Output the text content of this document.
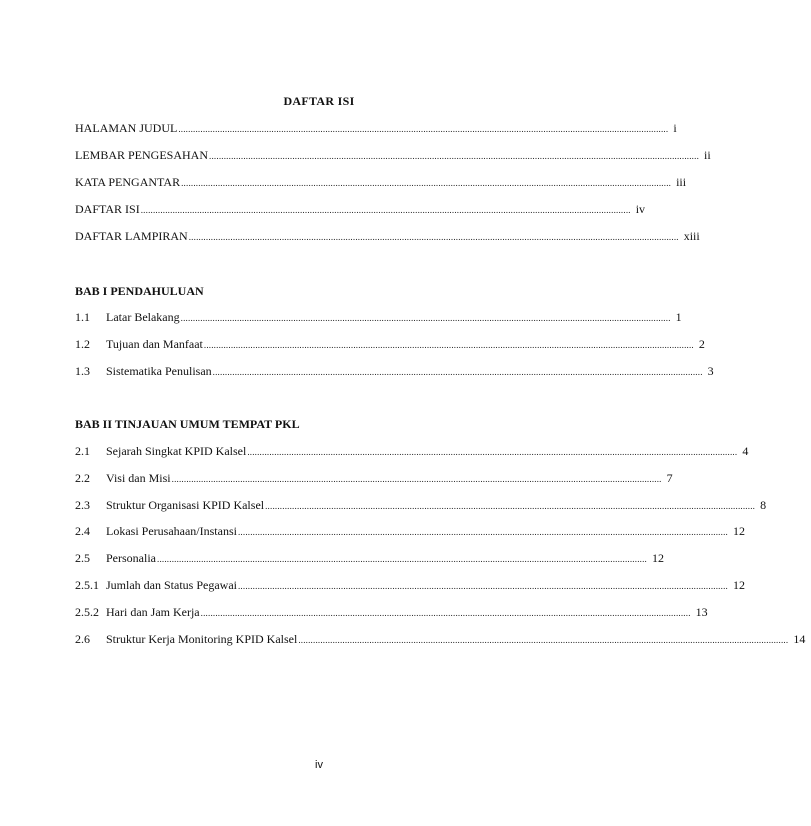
DAFTAR ISI
HALAMAN JUDUL ........................................................................................................................................................................................................ i
LEMBAR PENGESAHAN ........................................................................................................................................................................................................ ii
KATA PENGANTAR ........................................................................................................................................................................................................ iii
DAFTAR ISI ........................................................................................................................................................................................................ iv
DAFTAR LAMPIRAN ........................................................................................................................................................................................................ xiii
BAB I PENDAHULUAN
1.1	Latar Belakang ........................................................................................................................................................................................................ 1
1.2	Tujuan dan Manfaat ........................................................................................................................................................................................................ 2
1.3	Sistematika Penulisan ........................................................................................................................................................................................................ 3
BAB II TINJAUAN UMUM TEMPAT PKL
2.1	Sejarah Singkat KPID Kalsel ........................................................................................................................................................................................................ 4
2.2	Visi dan Misi ........................................................................................................................................................................................................ 7
2.3	Struktur Organisasi KPID Kalsel ........................................................................................................................................................................................................ 8
2.4	Lokasi Perusahaan/Instansi ........................................................................................................................................................................................................ 12
2.5	Personalia ........................................................................................................................................................................................................ 12
2.5.1 Jumlah dan Status Pegawai ........................................................................................................................................................................................................ 12
2.5.2 Hari dan Jam Kerja ........................................................................................................................................................................................................ 13
2.6	Struktur Kerja Monitoring KPID Kalsel ........................................................................................................................................................................................................ 14
iv
